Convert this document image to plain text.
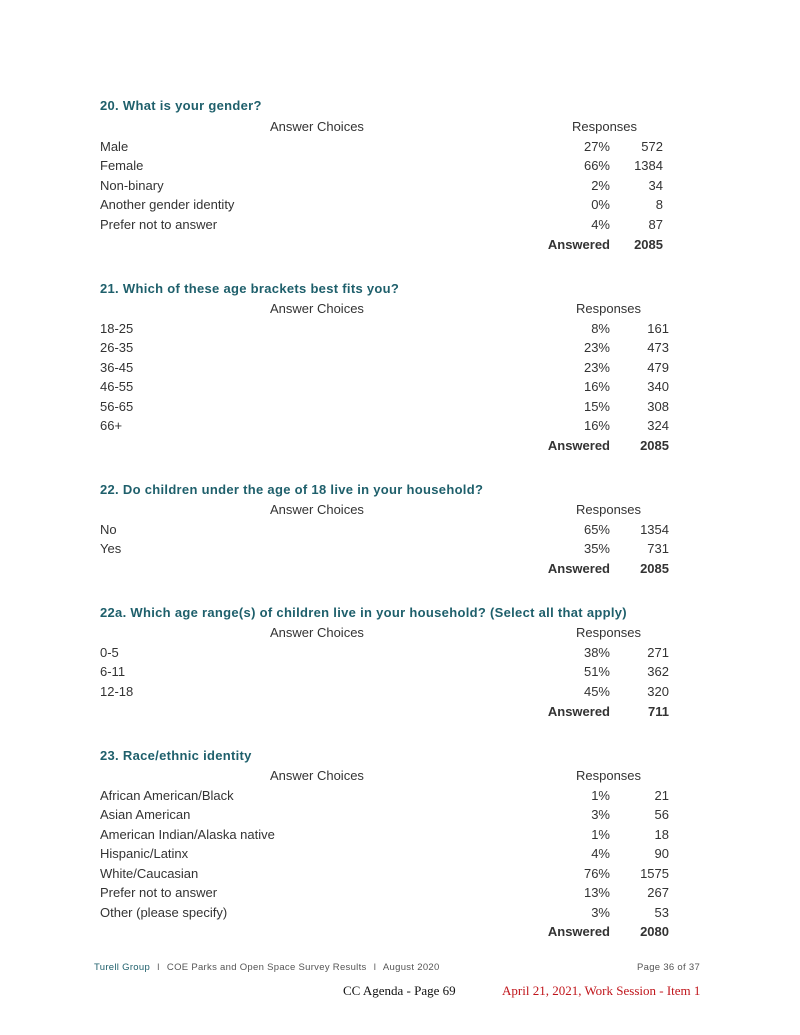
20. What is your gender?
Answer Choices	Responses
Male	27%	572
Female	66%	1384
Non-binary	2%	34
Another gender identity	0%	8
Prefer not to answer	4%	87
Answered	2085
21. Which of these age brackets best fits you?
Answer Choices	Responses
18-25	8%	161
26-35	23%	473
36-45	23%	479
46-55	16%	340
56-65	15%	308
66+	16%	324
Answered	2085
22. Do children under the age of 18 live in your household?
Answer Choices	Responses
No	65%	1354
Yes	35%	731
Answered	2085
22a. Which age range(s) of children live in your household? (Select all that apply)
Answer Choices	Responses
0-5	38%	271
6-11	51%	362
12-18	45%	320
Answered	711
23. Race/ethnic identity
Answer Choices	Responses
African American/Black	1%	21
Asian American	3%	56
American Indian/Alaska native	1%	18
Hispanic/Latinx	4%	90
White/Caucasian	76%	1575
Prefer not to answer	13%	267
Other (please specify)	3%	53
Answered	2080
Turell Group I COE Parks and Open Space Survey Results I August 2020	Page 36 of 37
CC Agenda - Page 69	April 21, 2021, Work Session - Item 1
